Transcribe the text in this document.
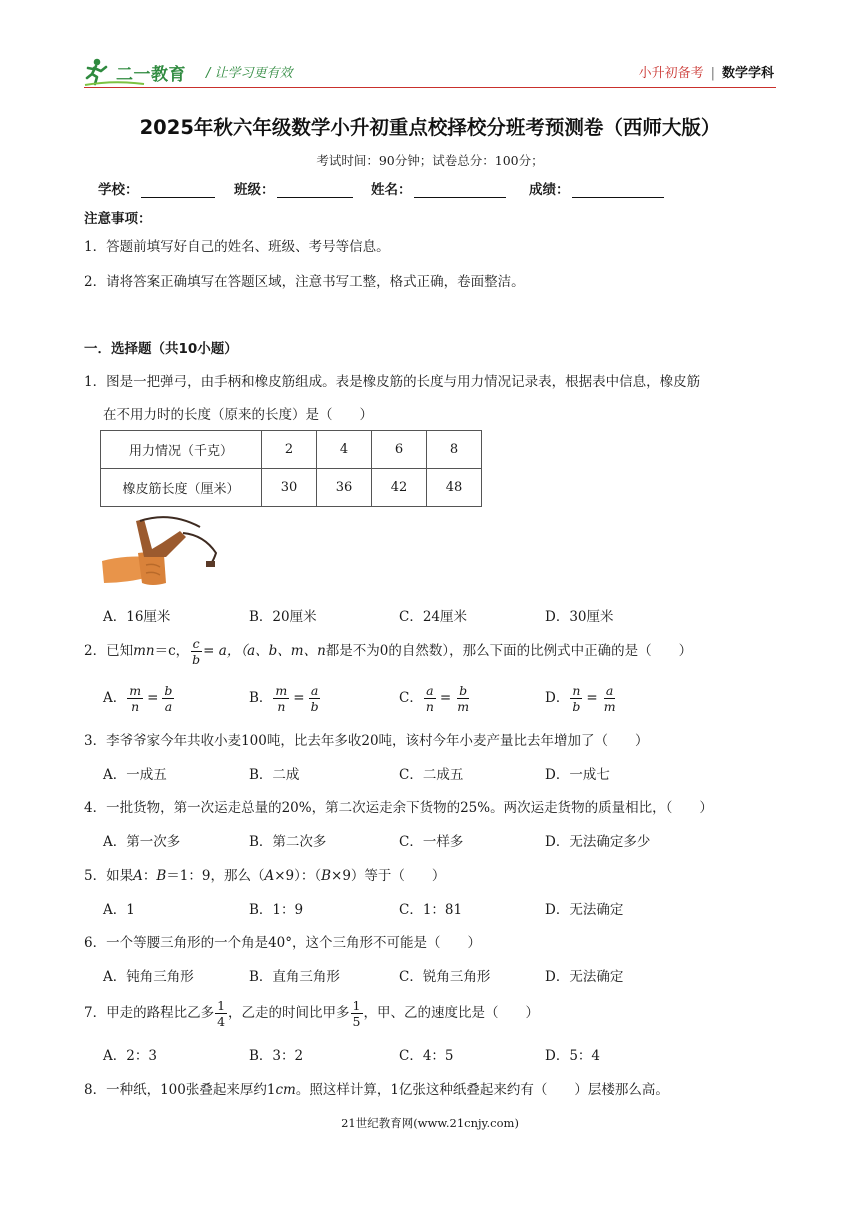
二一教育 / 让学习更有效	小升初备考 | 数学学科
2025年秋六年级数学小升初重点校择校分班考预测卷（西师大版）
考试时间：90分钟；试卷总分：100分；
学校：	班级：	姓名：	成绩：
注意事项：
1．答题前填写好自己的姓名、班级、考号等信息。
2．请将答案正确填写在答题区域，注意书写工整，格式正确，卷面整洁。
一．选择题（共10小题）
1．图是一把弹弓，由手柄和橡皮筋组成。表是橡皮筋的长度与用力情况记录表，根据表中信息，橡皮筋
在不用力时的长度（原来的长度）是（　　）
用力情况（千克）	2	4	6	8
橡皮筋长度（厘米）	30	36	42	48
A．16厘米	B．20厘米	C．24厘米	D．30厘米
2．已知mn＝c， $\frac{c}{b} = a$，（a、b、m、n都是不为0的自然数），那么下面的比例式中正确的是（　　）
A． $\frac{m}{n} = \frac{b}{a}$	B． $\frac{m}{n} = \frac{a}{b}$	C． $\frac{a}{n} = \frac{b}{m}$	D． $\frac{n}{b} = \frac{a}{m}$
3．李爷爷家今年共收小麦100吨，比去年多收20吨，该村今年小麦产量比去年增加了（　　）
A．一成五	B．二成	C．二成五	D．一成七
4．一批货物，第一次运走总量的20%，第二次运走余下货物的25%。两次运走货物的质量相比，（　　）
A．第一次多	B．第二次多	C．一样多	D．无法确定多少
5．如果A：B＝1：9，那么（A×9）：（B×9）等于（　　）
A．1	B．1：9	C．1：81	D．无法确定
6．一个等腰三角形的一个角是40°，这个三角形不可能是（　　）
A．钝角三角形	B．直角三角形	C．锐角三角形	D．无法确定
7．甲走的路程比乙多 $\frac{1}{4}$ ，乙走的时间比甲多 $\frac{1}{5}$ ，甲、乙的速度比是（　　）
A．2：3	B．3：2	C．4：5	D．5：4
8．一种纸，100张叠起来厚约1cm。照这样计算，1亿张这种纸叠起来约有（　　）层楼那么高。
21世纪教育网(www.21cnjy.com)
